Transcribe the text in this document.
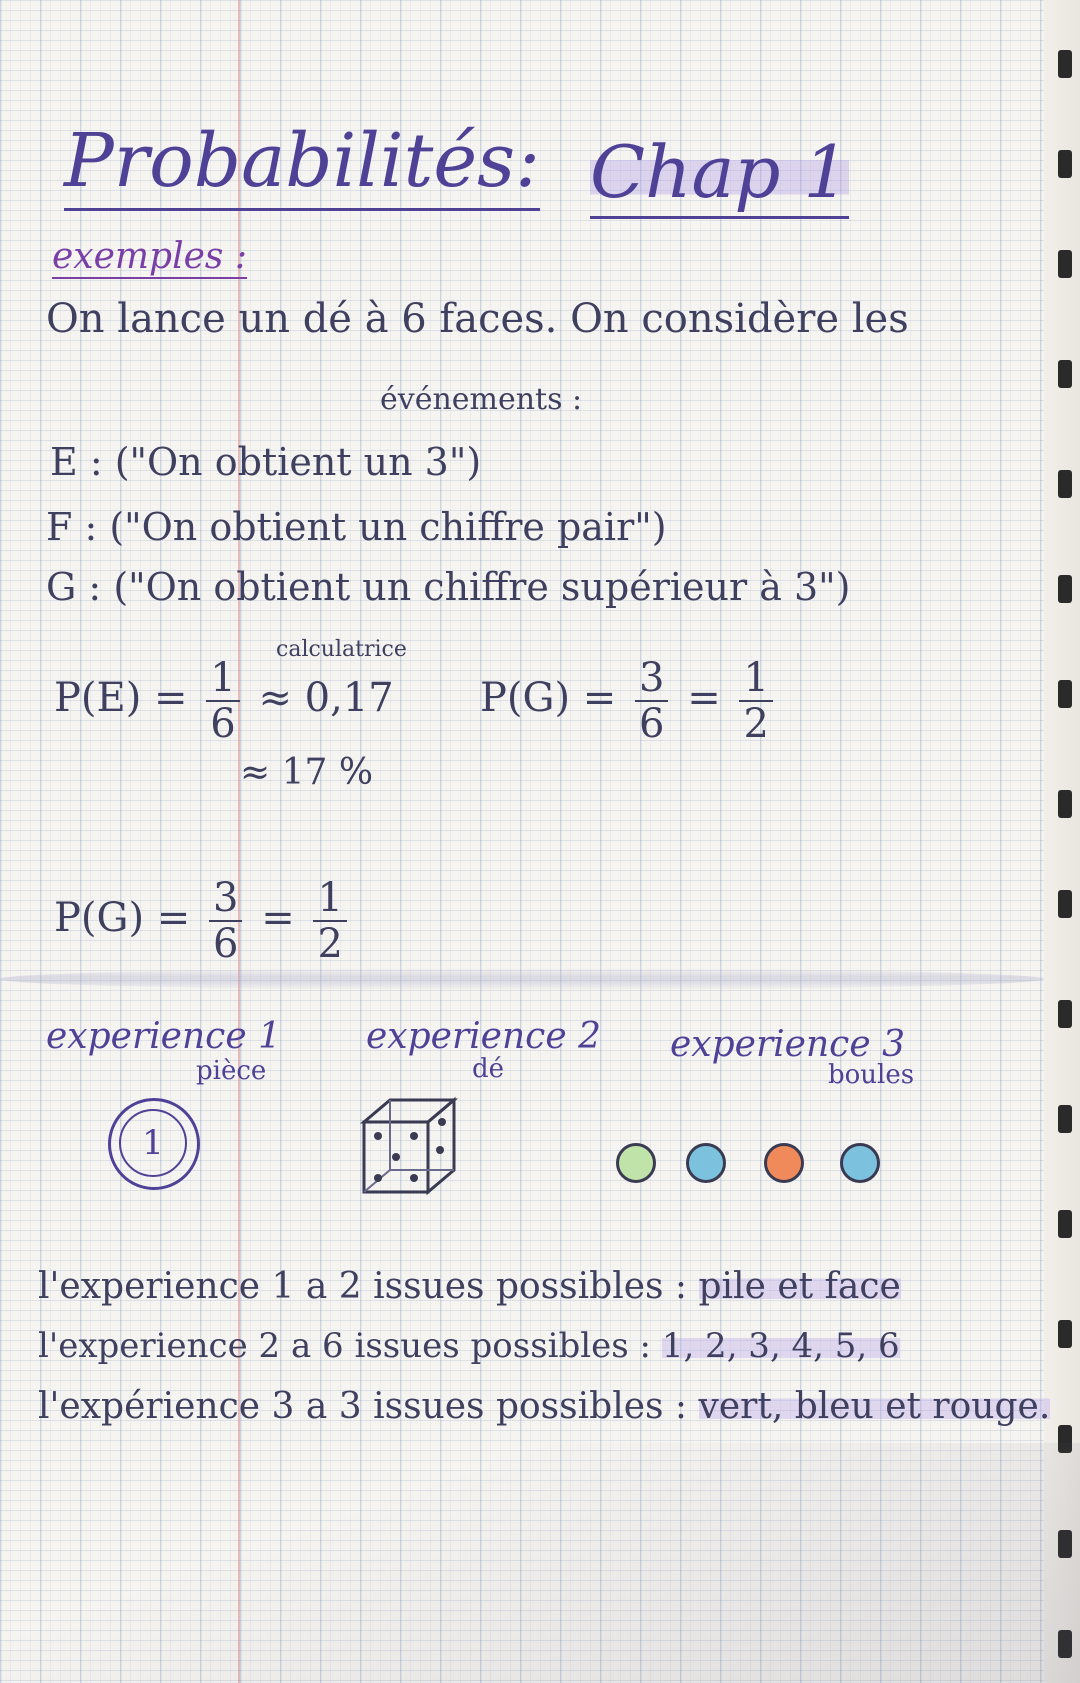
Probabilités: Chap 1
exemples :
On lance un dé à 6 faces. On considère les
événements :
E : ("On obtient un 3")
F : ("On obtient un chiffre pair")
G : ("On obtient un chiffre supérieur à 3")
calculatrice
$P(E) = \frac{1}{6} \approx 0,17$
≈ 17 %
$P(G) = \frac{3}{6} = \frac{1}{2}$
$P(G) = \frac{3}{6} = \frac{1}{2}$
experience 1
pièce
experience 2
dé
experience 3
boules
1
l'experience 1 a 2 issues possibles : pile et face
l'experience 2 a 6 issues possibles : 1, 2, 3, 4, 5, 6
l'expérience 3 a 3 issues possibles : vert, bleu et rouge.
